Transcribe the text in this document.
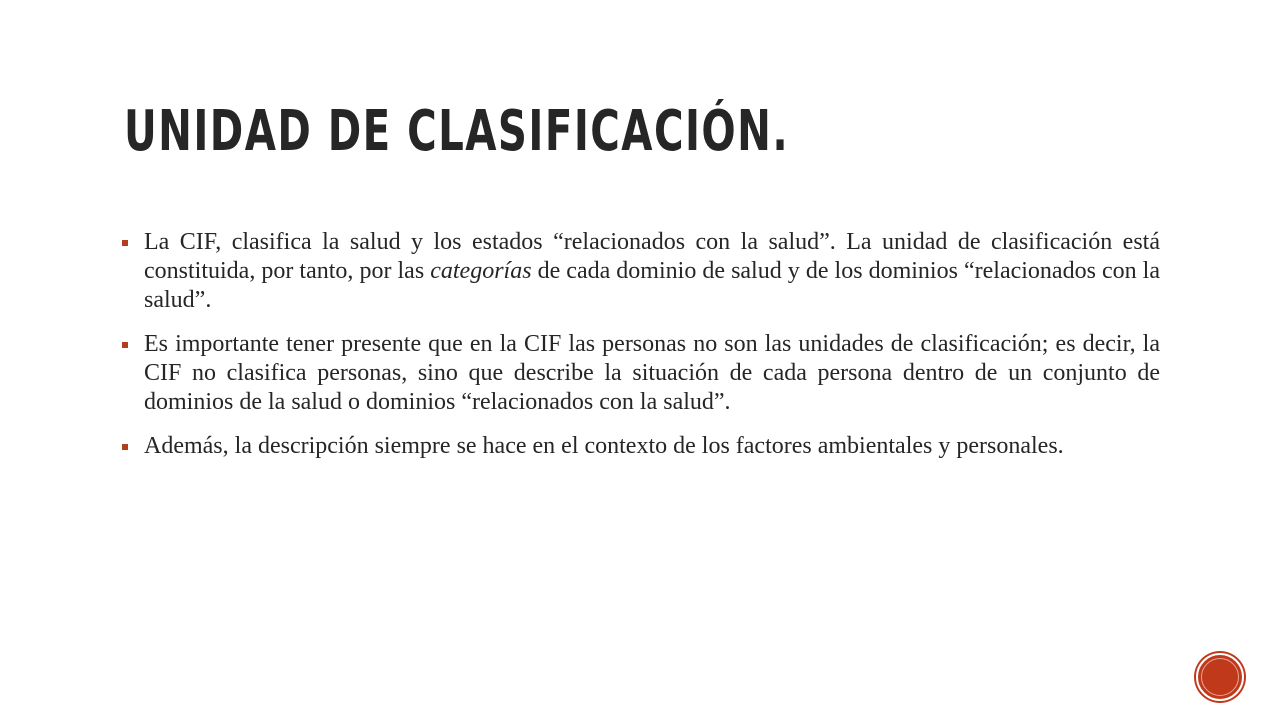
UNIDAD DE CLASIFICACIÓN.
La CIF, clasifica la salud y los estados “relacionados con la salud”. La unidad de clasificación está constituida, por tanto, por las categorías de cada dominio de salud y de los dominios “relacionados con la salud”.
Es importante tener presente que en la CIF las personas no son las unidades de clasificación; es decir, la CIF no clasifica personas, sino que describe la situación de cada persona dentro de un conjunto de dominios de la salud o dominios “relacionados con la salud”.
Además, la descripción siempre se hace en el contexto de los factores ambientales y personales.
